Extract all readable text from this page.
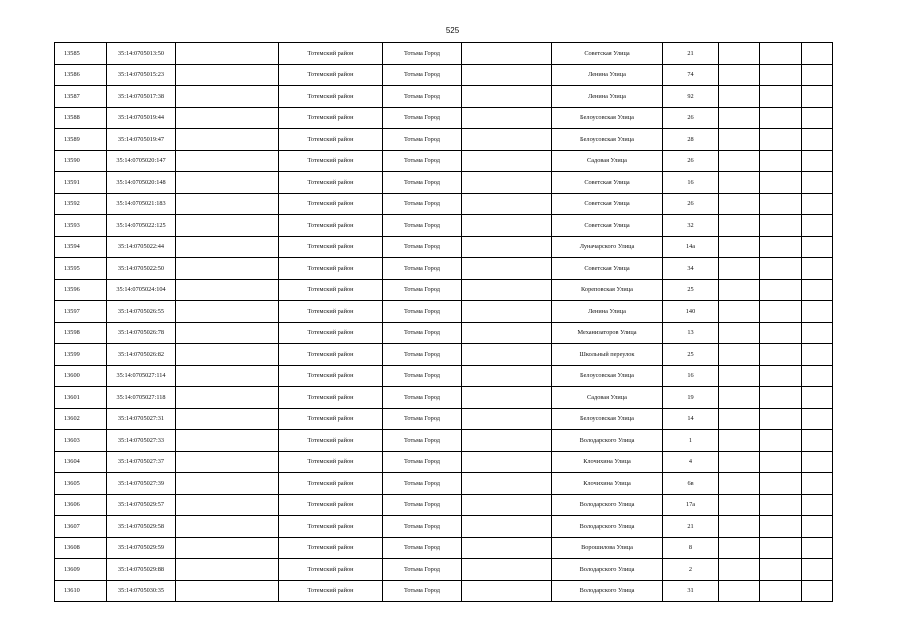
525
13585	35:14:0705013:50		Тотемский район	Тотьма Город		Советская Улица	21			
13586	35:14:0705015:23		Тотемский район	Тотьма Город		Ленина Улица	74			
13587	35:14:0705017:38		Тотемский район	Тотьма Город		Ленина Улица	92			
13588	35:14:0705019:44		Тотемский район	Тотьма Город		Белоусовская Улица	26			
13589	35:14:0705019:47		Тотемский район	Тотьма Город		Белоусовская Улица	28			
13590	35:14:0705020:147		Тотемский район	Тотьма Город		Садовая Улица	26			
13591	35:14:0705020:148		Тотемский район	Тотьма Город		Советская Улица	16			
13592	35:14:0705021:183		Тотемский район	Тотьма Город		Советская Улица	26			
13593	35:14:0705022:125		Тотемский район	Тотьма Город		Советская Улица	32			
13594	35:14:0705022:44		Тотемский район	Тотьма Город		Луначарского Улица	14а			
13595	35:14:0705022:50		Тотемский район	Тотьма Город		Советская Улица	34			
13596	35:14:0705024:104		Тотемский район	Тотьма Город		Кореповская Улица	25			
13597	35:14:0705026:55		Тотемский район	Тотьма Город		Ленина Улица	140			
13598	35:14:0705026:78		Тотемский район	Тотьма Город		Механизаторов Улица	13			
13599	35:14:0705026:82		Тотемский район	Тотьма Город		Школьный переулок	25			
13600	35:14:0705027:114		Тотемский район	Тотьма Город		Белоусовская Улица	16			
13601	35:14:0705027:118		Тотемский район	Тотьма Город		Садовая Улица	19			
13602	35:14:0705027:31		Тотемский район	Тотьма Город		Белоусовская Улица	14			
13603	35:14:0705027:33		Тотемский район	Тотьма Город		Володарского Улица	1			
13604	35:14:0705027:37		Тотемский район	Тотьма Город		Клочихина Улица	4			
13605	35:14:0705027:39		Тотемский район	Тотьма Город		Клочихина Улица	6в			
13606	35:14:0705029:57		Тотемский район	Тотьма Город		Володарского Улица	17а			
13607	35:14:0705029:58		Тотемский район	Тотьма Город		Володарского Улица	21			
13608	35:14:0705029:59		Тотемский район	Тотьма Город		Ворошилова Улица	8			
13609	35:14:0705029:88		Тотемский район	Тотьма Город		Володарского Улица	2			
13610	35:14:0705030:35		Тотемский район	Тотьма Город		Володарского Улица	31			
